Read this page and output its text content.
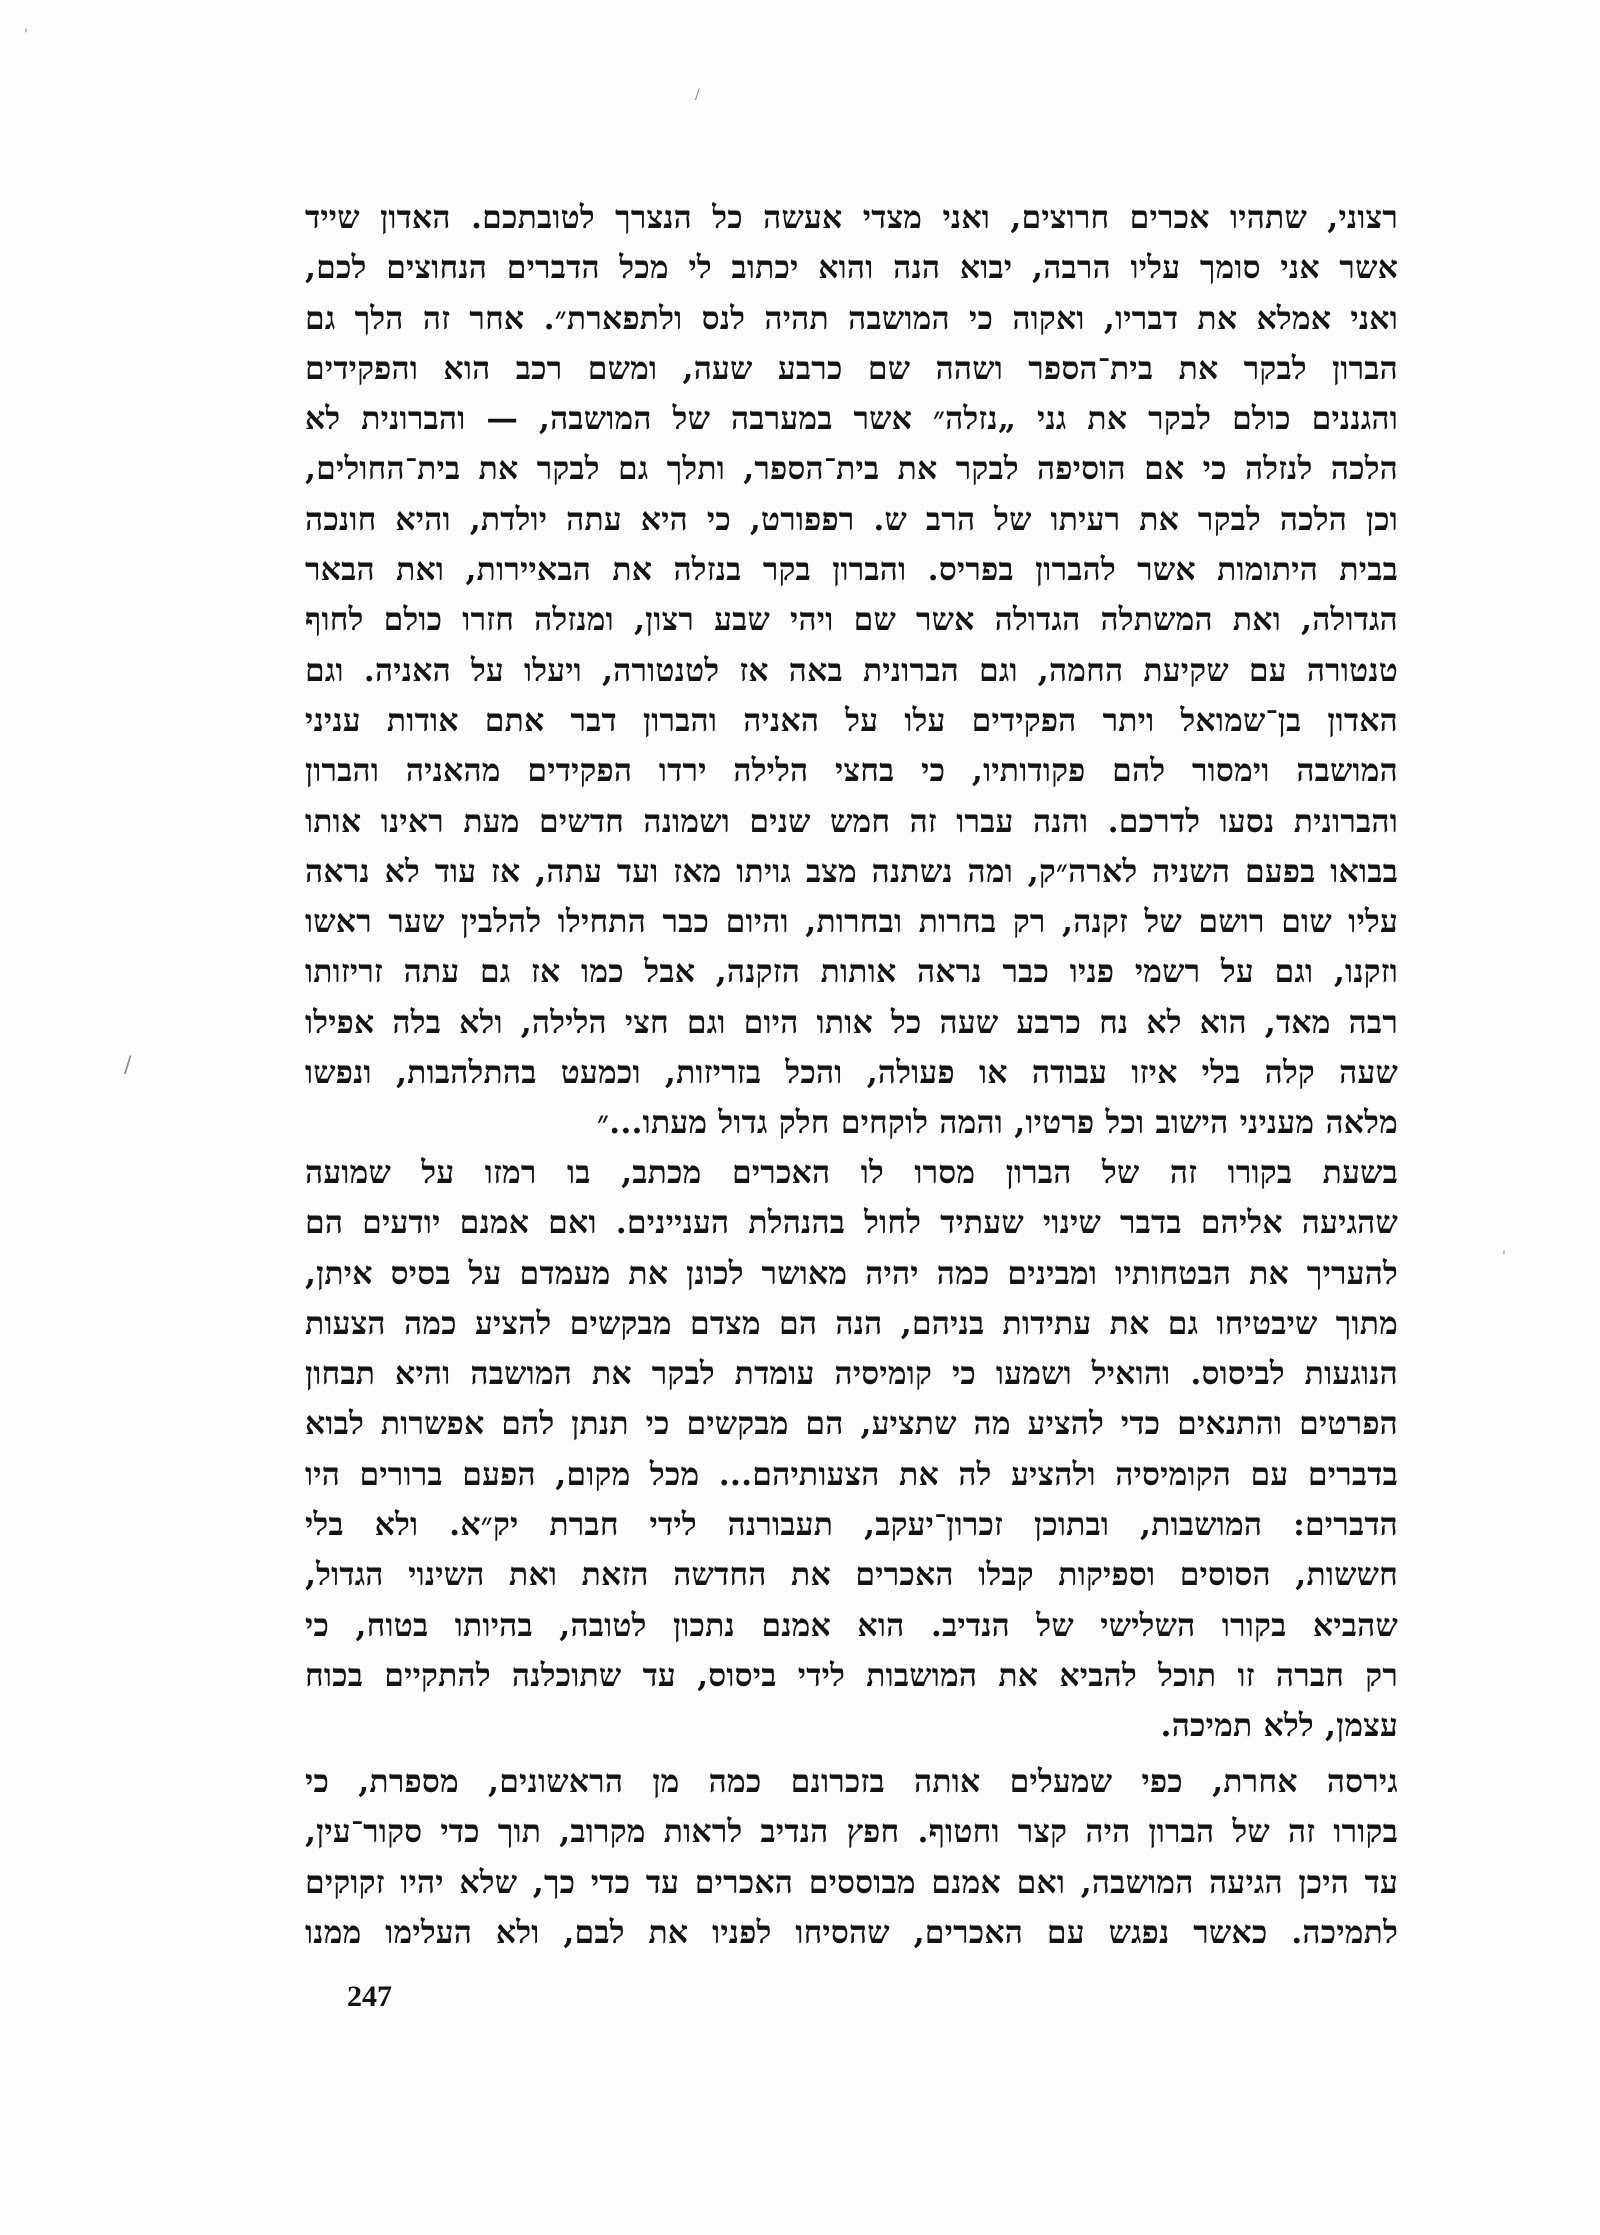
'
/
'
/
רצוני, שתהיו אכרים חרוצים, ואני מצדי אעשה כל הנצרך לטובתכם. האדון שייד
אשר אני סומך עליו הרבה, יבוא הנה והוא יכתוב לי מכל הדברים הנחוצים לכם,
ואני אמלא את דבריו, ואקוה כי המושבה תהיה לנס ולתפארת״. אחר זה הלך גם
הברון לבקר את בית־הספר ושהה שם כרבע שעה, ומשם רכב הוא והפקידים
והגננים כולם לבקר את גני „נזלה״ אשר במערבה של המושבה, — והברונית לא
הלכה לנזלה כי אם הוסיפה לבקר את בית־הספר, ותלך גם לבקר את בית־החולים,
וכן הלכה לבקר את רעיתו של הרב ש. רפפורט, כי היא עתה יולדת, והיא חונכה
בבית היתומות אשר להברון בפריס. והברון בקר בנזלה את הבאיירות, ואת הבאר
הגדולה, ואת המשתלה הגדולה אשר שם ויהי שבע רצון, ומנזלה חזרו כולם לחוף
טנטורה עם שקיעת החמה, וגם הברונית באה אז לטנטורה, ויעלו על האניה. וגם
האדון בן־שמואל ויתר הפקידים עלו על האניה והברון דבר אתם אודות עניני
המושבה וימסור להם פקודותיו, כי בחצי הלילה ירדו הפקידים מהאניה והברון
והברונית נסעו לדרכם. והנה עברו זה חמש שנים ושמונה חדשים מעת ראינו אותו
בבואו בפעם השניה לארה״ק, ומה נשתנה מצב גויתו מאז ועד עתה, אז עוד לא נראה
עליו שום רושם של זקנה, רק בחרות ובחרות, והיום כבר התחילו להלבין שער ראשו
וזקנו, וגם על רשמי פניו כבר נראה אותות הזקנה, אבל כמו אז גם עתה זריזותו
רבה מאד, הוא לא נח כרבע שעה כל אותו היום וגם חצי הלילה, ולא בלה אפילו
שעה קלה בלי איזו עבודה או פעולה, והכל בזריזות, וכמעט בהתלהבות, ונפשו
מלאה מעניני הישוב וכל פרטיו, והמה לוקחים חלק גדול מעתו...״
בשעת בקורו זה של הברון מסרו לו האכרים מכתב, בו רמזו על שמועה
שהגיעה אליהם בדבר שינוי שעתיד לחול בהנהלת העניינים. ואם אמנם יודעים הם
להעריך את הבטחותיו ומבינים כמה יהיה מאושר לכונן את מעמדם על בסיס איתן,
מתוך שיבטיחו גם את עתידות בניהם, הנה הם מצדם מבקשים להציע כמה הצעות
הנוגעות לביסוס. והואיל ושמעו כי קומיסיה עומדת לבקר את המושבה והיא תבחון
הפרטים והתנאים כדי להציע מה שתציע, הם מבקשים כי תנתן להם אפשרות לבוא
בדברים עם הקומיסיה ולהציע לה את הצעותיהם... מכל מקום, הפעם ברורים היו
הדברים: המושבות, ובתוכן זכרון־יעקב, תעבורנה לידי חברת יק״א. ולא בלי
חששות, הסוסים וספיקות קבלו האכרים את החדשה הזאת ואת השינוי הגדול,
שהביא בקורו השלישי של הנדיב. הוא אמנם נתכון לטובה, בהיותו בטוח, כי
רק חברה זו תוכל להביא את המושבות לידי ביסוס, עד שתוכלנה להתקיים בכוח
עצמן, ללא תמיכה.
גירסה אחרת, כפי שמעלים אותה בזכרונם כמה מן הראשונים, מספרת, כי
בקורו זה של הברון היה קצר וחטוף. חפץ הנדיב לראות מקרוב, תוך כדי סקור־עין,
עד היכן הגיעה המושבה, ואם אמנם מבוססים האכרים עד כדי כך, שלא יהיו זקוקים
לתמיכה. כאשר נפגש עם האכרים, שהסיחו לפניו את לבם, ולא העלימו ממנו
247
